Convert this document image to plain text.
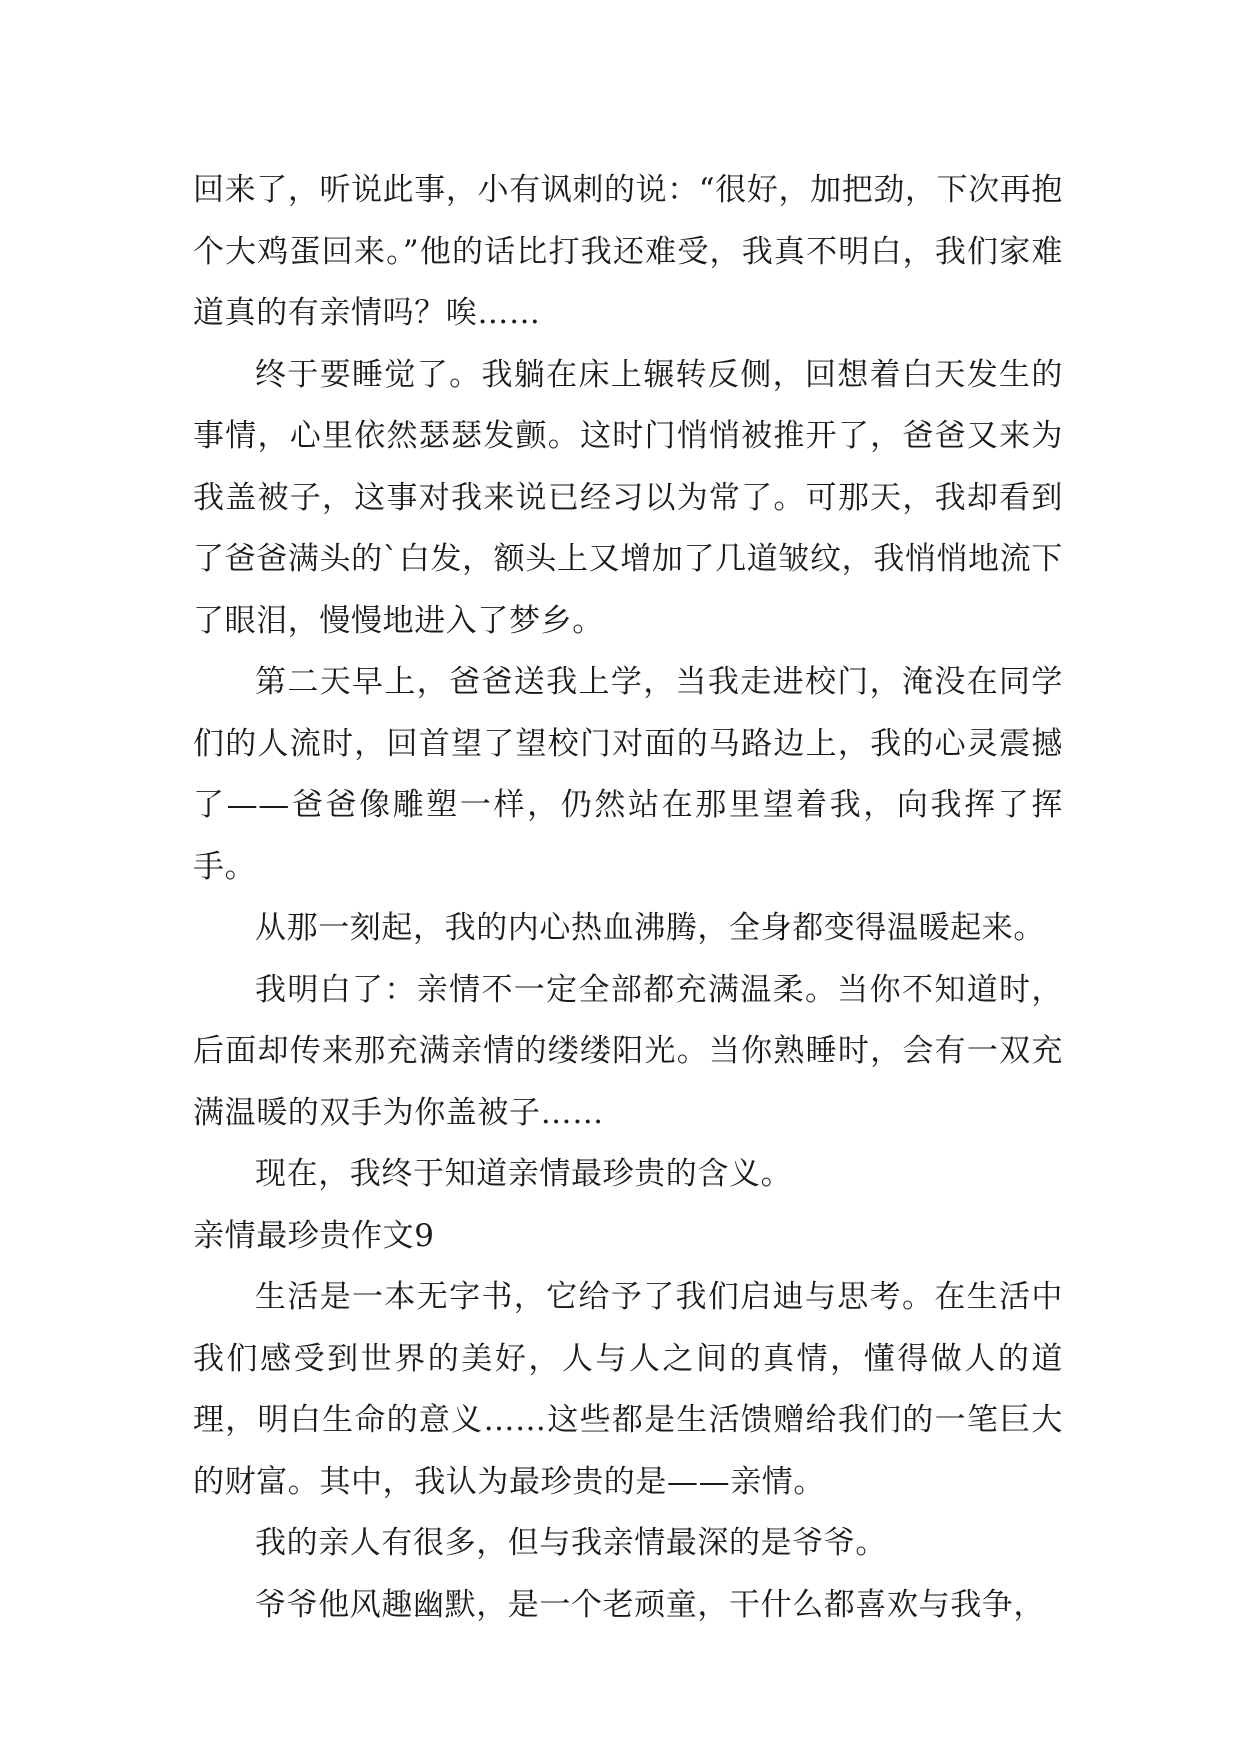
回来了，听说此事，小有讽刺的说：“很好，加把劲，下次再抱个大鸡蛋回来。”他的话比打我还难受，我真不明白，我们家难道真的有亲情吗？唉……

终于要睡觉了。我躺在床上辗转反侧，回想着白天发生的事情，心里依然瑟瑟发颤。这时门悄悄被推开了，爸爸又来为我盖被子，这事对我来说已经习以为常了。可那天，我却看到了爸爸满头的`白发，额头上又增加了几道皱纹，我悄悄地流下了眼泪，慢慢地进入了梦乡。

第二天早上，爸爸送我上学，当我走进校门，淹没在同学们的人流时，回首望了望校门对面的马路边上，我的心灵震撼了——爸爸像雕塑一样，仍然站在那里望着我，向我挥了挥手。

从那一刻起，我的内心热血沸腾，全身都变得温暖起来。

我明白了：亲情不一定全部都充满温柔。当你不知道时，后面却传来那充满亲情的缕缕阳光。当你熟睡时，会有一双充满温暖的双手为你盖被子……

现在，我终于知道亲情最珍贵的含义。

亲情最珍贵作文9

生活是一本无字书，它给予了我们启迪与思考。在生活中我们感受到世界的美好，人与人之间的真情，懂得做人的道理，明白生命的意义……这些都是生活馈赠给我们的一笔巨大的财富。其中，我认为最珍贵的是——亲情。

我的亲人有很多，但与我亲情最深的是爷爷。

爷爷他风趣幽默，是一个老顽童，干什么都喜欢与我争，
